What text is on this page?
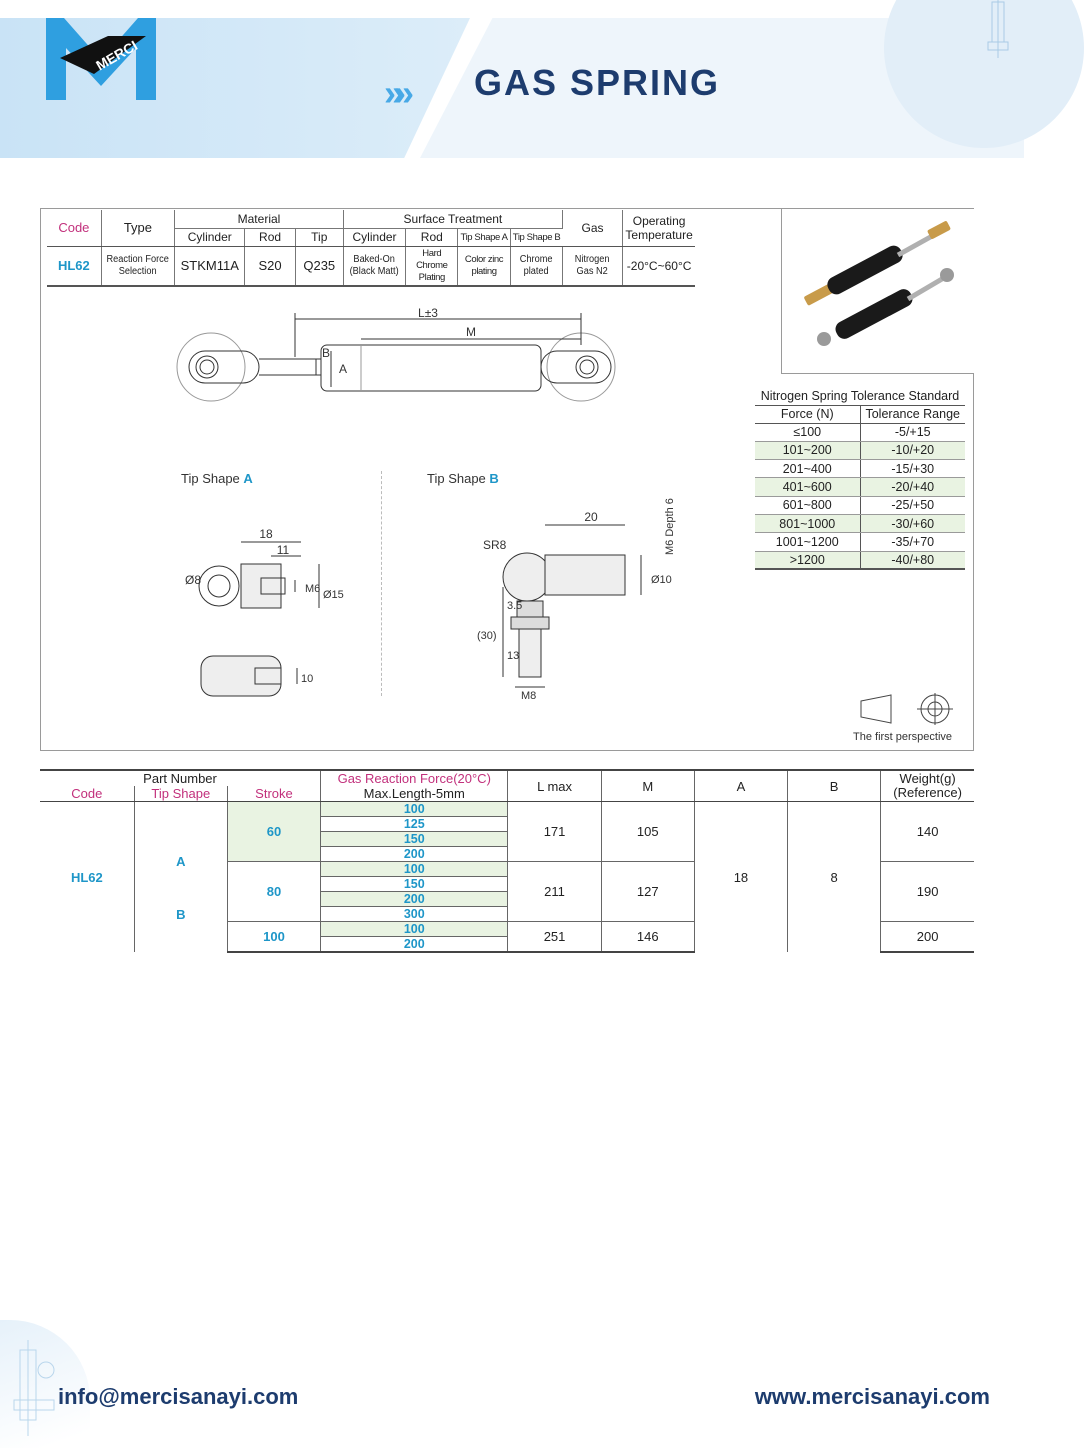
MERCI
»» GAS SPRING
Code	Type	Material			Surface Treatment				Gas	Operating Temperature
		Cylinder	Rod	Tip	Cylinder	Rod	Tip Shape A	Tip Shape B		
HL62	Reaction Force Selection	STKM11A	S20	Q235	Baked-On (Black Matt)	Hard Chrome Plating	Color zinc plating	Chrome plated	Nitrogen Gas N2	-20°C~60°C
L±3
M
A
B
Tip Shape A	Tip Shape B
18
11
Ø8
M6 Ø15
10
20
SR8	M6 Depth 6
Ø10
3.5
(30)
13
M8
Nitrogen Spring Tolerance Standard	
Force (N)	Tolerance Range
≤100	-5/+15
101~200	-10/+20
201~400	-15/+30
401~600	-20/+40
601~800	-25/+50
801~1000	-30/+60
1001~1200	-35/+70
>1200	-40/+80
The first perspective
Part Number			Gas Reaction Force(20°C)	L max	M	A	B	Weight(g)
(Reference)
Code	Tip Shape	Stroke	Max.Length-5mm					
HL62		60	100	171	105	18	8	140
			125					
			150					
	A		200					
		80	100	211	127			190
	B		150					
			200					
			300					
		100	100	251	146			200
			200					
info@mercisanayi.com	www.mercisanayi.com
